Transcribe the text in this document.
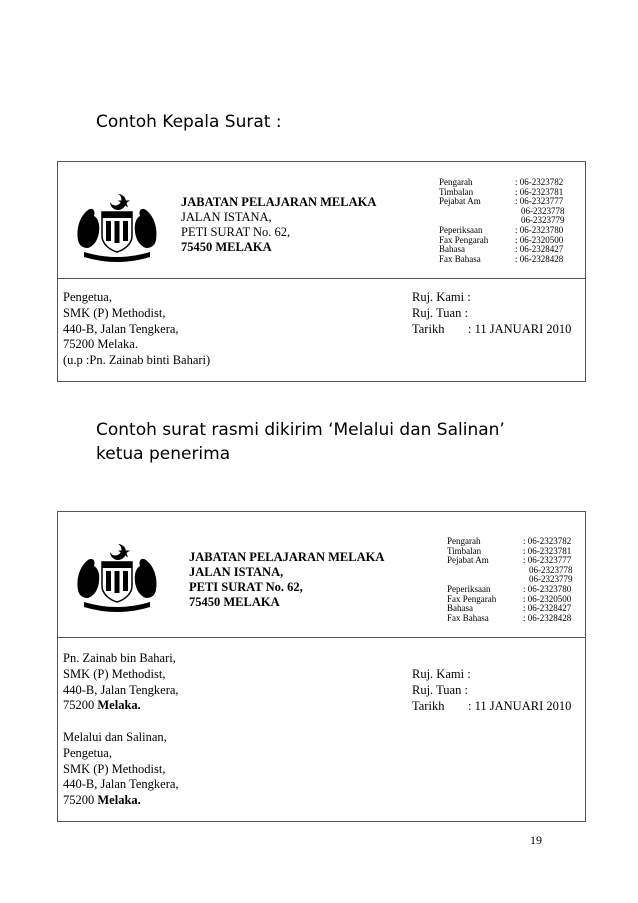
Contoh Kepala Surat :
JABATAN PELAJARAN MELAKA
JALAN ISTANA,
PETI SURAT No. 62,
75450 MELAKA
Pengarah	: 06-2323782
Timbalan	: 06-2323781
Pejabat Am	: 06-2323777
06-2323778
06-2323779
Peperiksaan	: 06-2323780
Fax Pengarah	: 06-2320500
Bahasa	: 06-2328427
Fax Bahasa	: 06-2328428
Pengetua,
SMK (P) Methodist,
440-B, Jalan Tengkera,
75200 Melaka.
(u.p :Pn. Zainab binti Bahari)
Ruj. Kami :
Ruj. Tuan :
Tarikh : 11 JANUARI 2010
Contoh surat rasmi dikirim ‘Melalui dan Salinan’
ketua penerima
JABATAN PELAJARAN MELAKA
JALAN ISTANA,
PETI SURAT No. 62,
75450 MELAKA
Pengarah	: 06-2323782
Timbalan	: 06-2323781
Pejabat Am	: 06-2323777
06-2323778
06-2323779
Peperiksaan	: 06-2323780
Fax Pengarah	: 06-2320500
Bahasa	: 06-2328427
Fax Bahasa	: 06-2328428
Pn. Zainab bin Bahari,
SMK (P) Methodist,
440-B, Jalan Tengkera,
75200 Melaka.
Melalui dan Salinan,
Pengetua,
SMK (P) Methodist,
440-B, Jalan Tengkera,
75200 Melaka.
Ruj. Kami :
Ruj. Tuan :
Tarikh : 11 JANUARI 2010
19
